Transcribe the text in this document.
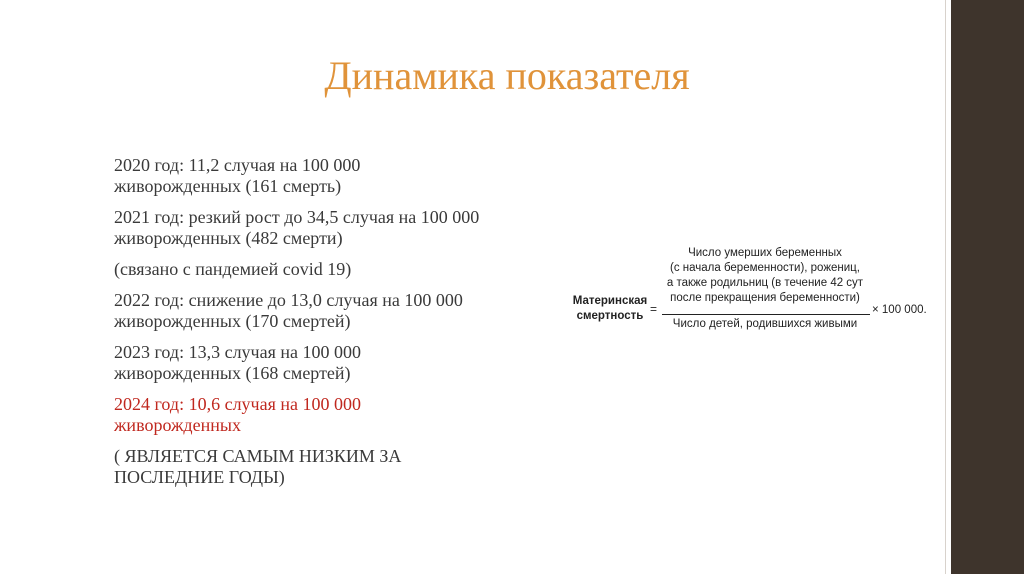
Динамика показателя

2020 год: 11,2 случая на 100 000
живорожденных (161 смерть)

2021 год: резкий рост до 34,5 случая на 100 000
живорожденных (482 смерти)

(связано с пандемией covid 19)

2022 год: снижение до 13,0 случая на 100 000
живорожденных (170 смертей)

2023 год: 13,3 случая на 100 000
живорожденных (168 смертей)

2024 год: 10,6 случая на 100 000
живорожденных

( ЯВЛЯЕТСЯ САМЫМ НИЗКИМ ЗА
ПОСЛЕДНИЕ ГОДЫ)

Материнская
смертность =
Число умерших беременных
(с начала беременности), рожениц,
а также родильниц (в течение 42 сут
после прекращения беременности)
Число детей, родившихся живыми
× 100 000.
